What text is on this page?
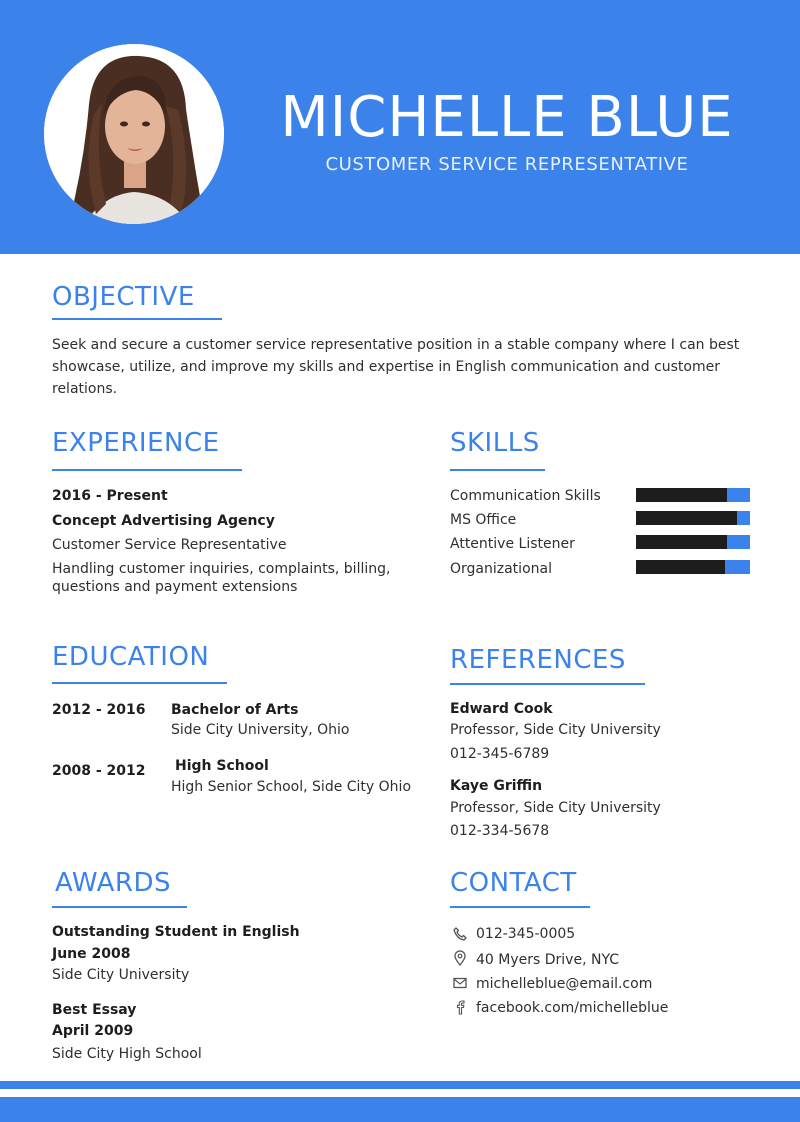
MICHELLE BLUE
CUSTOMER SERVICE REPRESENTATIVE
OBJECTIVE
Seek and secure a customer service representative position in a stable company where I can best showcase, utilize, and improve my skills and expertise in English communication and customer relations.
EXPERIENCE
2016 - Present
Concept Advertising Agency
Customer Service Representative
Handling customer inquiries, complaints, billing,
questions and payment extensions
SKILLS
Communication Skills
MS Office
Attentive Listener
Organizational
EDUCATION
2012 - 2016 Bachelor of Arts
Side City University, Ohio
2008 - 2012 High School
High Senior School, Side City Ohio
REFERENCES
Edward Cook
Professor, Side City University
012-345-6789
Kaye Griffin
Professor, Side City University
012-334-5678
AWARDS
Outstanding Student in English
June 2008
Side City University
Best Essay
April 2009
Side City High School
CONTACT
012-345-0005
40 Myers Drive, NYC
michelleblue@email.com
facebook.com/michelleblue
